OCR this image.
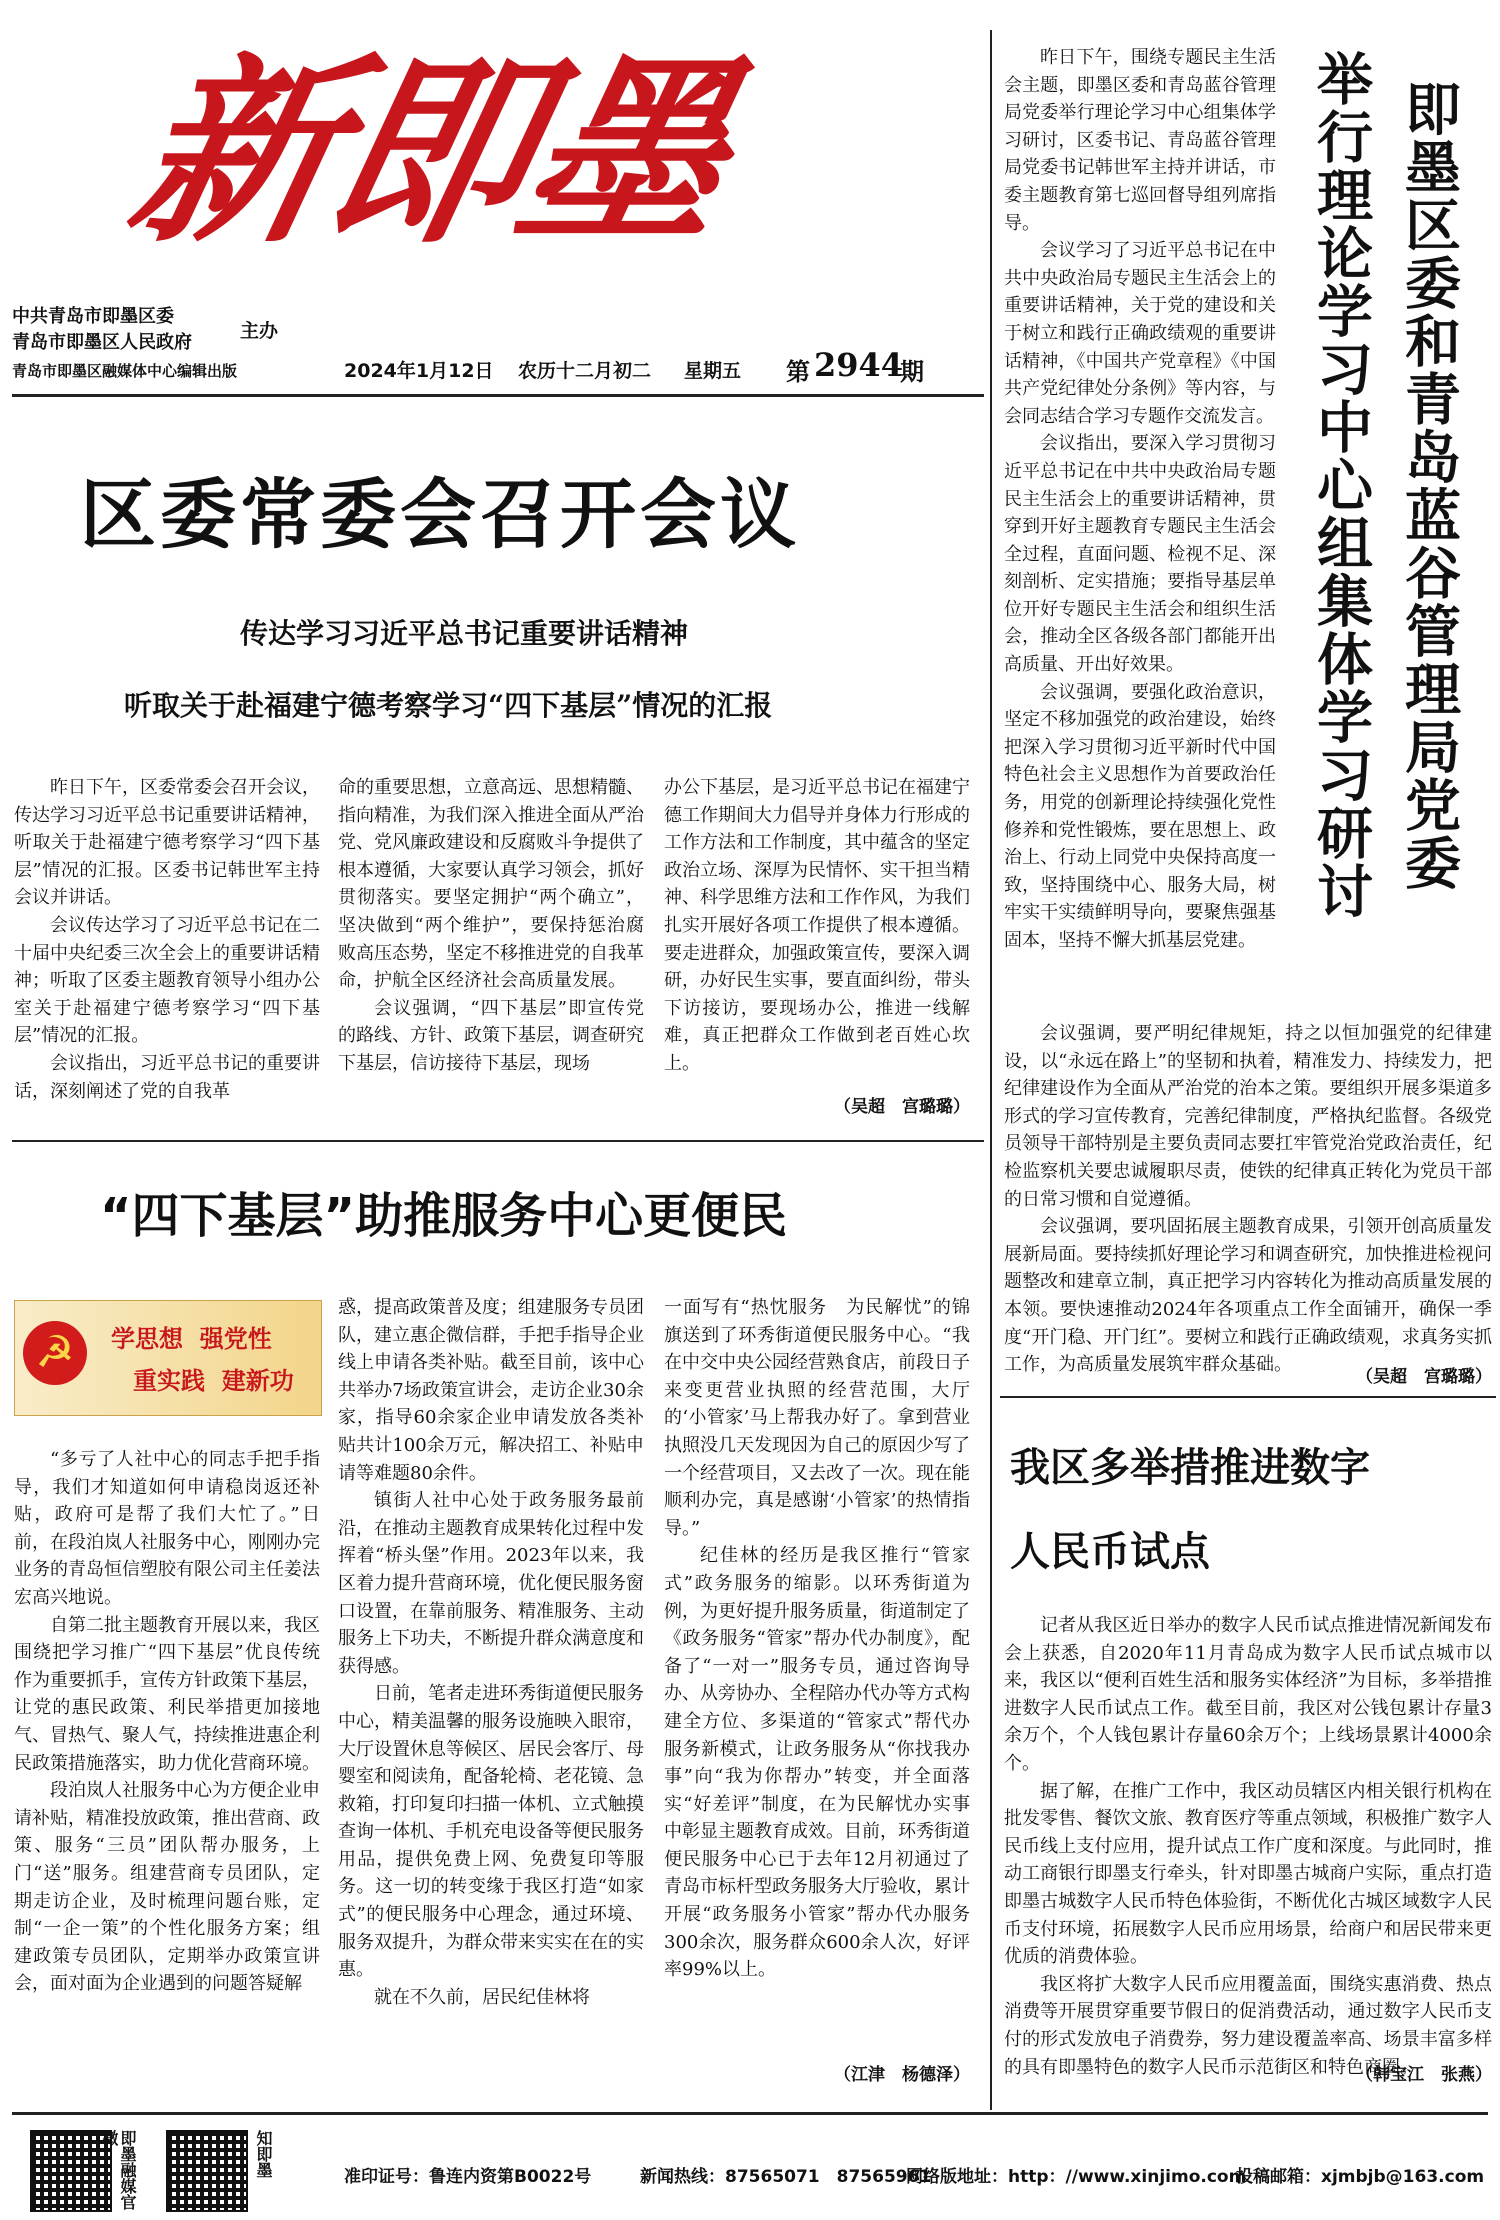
新即墨
中共青岛市即墨区委
青岛市即墨区人民政府
主办
青岛市即墨区融媒体中心编辑出版	2024年1月12日 农历十二月初二 星期五 第 2944
期
区委常委会召开会议
传达学习习近平总书记重要讲话精神
听取关于赴福建宁德考察学习“四下基层”情况的汇报

昨日下午，区委常委会召开会议，传达学习习近平总书记重要讲话精神，听取关于赴福建宁德考察学习“四下基层”情况的汇报。区委书记韩世军主持会议并讲话。

会议传达学习了习近平总书记在二十届中央纪委三次全会上的重要讲话精神；听取了区委主题教育领导小组办公室关于赴福建宁德考察学习“四下基层”情况的汇报。

会议指出，习近平总书记的重要讲话，深刻阐述了党的自我革

命的重要思想，立意高远、思想精髓、指向精准，为我们深入推进全面从严治党、党风廉政建设和反腐败斗争提供了根本遵循，大家要认真学习领会，抓好贯彻落实。要坚定拥护“两个确立”，坚决做到“两个维护”，要保持惩治腐败高压态势，坚定不移推进党的自我革命，护航全区经济社会高质量发展。

会议强调，“四下基层”即宣传党的路线、方针、政策下基层，调查研究下基层，信访接待下基层，现场

办公下基层，是习近平总书记在福建宁德工作期间大力倡导并身体力行形成的工作方法和工作制度，其中蕴含的坚定政治立场、深厚为民情怀、实干担当精神、科学思维方法和工作作风，为我们扎实开展好各项工作提供了根本遵循。要走进群众，加强政策宣传，要深入调研，办好民生实事，要直面纠纷，带头下访接访，要现场办公，推进一线解难，真正把群众工作做到老百姓心坎上。

（吴超　宫璐璐）
“四下基层”助推服务中心更便民
☭	学思想  强党性
重实践  建新功

“多亏了人社中心的同志手把手指导，我们才知道如何申请稳岗返还补贴，政府可是帮了我们大忙了。”日前，在段泊岚人社服务中心，刚刚办完业务的青岛恒信塑胶有限公司主任姜法宏高兴地说。

自第二批主题教育开展以来，我区围绕把学习推广“四下基层”优良传统作为重要抓手，宣传方针政策下基层，让党的惠民政策、利民举措更加接地气、冒热气、聚人气，持续推进惠企利民政策措施落实，助力优化营商环境。

段泊岚人社服务中心为方便企业申请补贴，精准投放政策，推出营商、政策、服务“三员”团队帮办服务，上门“送”服务。组建营商专员团队，定期走访企业，及时梳理问题台账，定制“一企一策”的个性化服务方案；组建政策专员团队，定期举办政策宣讲会，面对面为企业遇到的问题答疑解

惑，提高政策普及度；组建服务专员团队，建立惠企微信群，手把手指导企业线上申请各类补贴。截至目前，该中心共举办7场政策宣讲会，走访企业30余家，指导60余家企业申请发放各类补贴共计100余万元，解决招工、补贴申请等难题80余件。

镇街人社中心处于政务服务最前沿，在推动主题教育成果转化过程中发挥着“桥头堡”作用。2023年以来，我区着力提升营商环境，优化便民服务窗口设置，在靠前服务、精准服务、主动服务上下功夫，不断提升群众满意度和获得感。

日前，笔者走进环秀街道便民服务中心，精美温馨的服务设施映入眼帘，大厅设置休息等候区、居民会客厅、母婴室和阅读角，配备轮椅、老花镜、急救箱，打印复印扫描一体机、立式触摸查询一体机、手机充电设备等便民服务用品，提供免费上网、免费复印等服务。这一切的转变缘于我区打造“如家式”的便民服务中心理念，通过环境、服务双提升，为群众带来实实在在的实惠。

就在不久前，居民纪佳林将

一面写有“热忱服务　为民解忧”的锦旗送到了环秀街道便民服务中心。“我在中交中央公园经营熟食店，前段日子来变更营业执照的经营范围，大厅的‘小管家’马上帮我办好了。拿到营业执照没几天发现因为自己的原因少写了一个经营项目，又去改了一次。现在能顺利办完，真是感谢‘小管家’的热情指导。”

纪佳林的经历是我区推行“管家式”政务服务的缩影。以环秀街道为例，为更好提升服务质量，街道制定了《政务服务“管家”帮办代办制度》，配备了“一对一”服务专员，通过咨询导办、从旁协办、全程陪办代办等方式构建全方位、多渠道的“管家式”帮代办服务新模式，让政务服务从“你找我办事”向“我为你帮办”转变，并全面落实“好差评”制度，在为民解忧办实事中彰显主题教育成效。目前，环秀街道便民服务中心已于去年12月初通过了青岛市标杆型政务服务大厅验收，累计开展“政务服务小管家”帮办代办服务300余次，服务群众600余人次，好评率99%以上。

（江津　杨德泽）
即墨区委和青岛蓝谷管理局党委
举行理论学习中心组集体学习研讨

昨日下午，围绕专题民主生活会主题，即墨区委和青岛蓝谷管理局党委举行理论学习中心组集体学习研讨，区委书记、青岛蓝谷管理局党委书记韩世军主持并讲话，市委主题教育第七巡回督导组列席指导。

会议学习了习近平总书记在中共中央政治局专题民主生活会上的重要讲话精神，关于党的建设和关于树立和践行正确政绩观的重要讲话精神，《中国共产党章程》《中国共产党纪律处分条例》等内容，与会同志结合学习专题作交流发言。

会议指出，要深入学习贯彻习近平总书记在中共中央政治局专题民主生活会上的重要讲话精神，贯穿到开好主题教育专题民主生活会全过程，直面问题、检视不足、深刻剖析、定实措施；要指导基层单位开好专题民主生活会和组织生活会，推动全区各级各部门都能开出高质量、开出好效果。

会议强调，要强化政治意识，坚定不移加强党的政治建设，始终把深入学习贯彻习近平新时代中国特色社会主义思想作为首要政治任务，用党的创新理论持续强化党性修养和党性锻炼，要在思想上、政治上、行动上同党中央保持高度一致，坚持围绕中心、服务大局，树牢实干实绩鲜明导向，要聚焦强基固本，坚持不懈大抓基层党建。

会议强调，要严明纪律规矩，持之以恒加强党的纪律建设，以“永远在路上”的坚韧和执着，精准发力、持续发力，把纪律建设作为全面从严治党的治本之策。要组织开展多渠道多形式的学习宣传教育，完善纪律制度，严格执纪监督。各级党员领导干部特别是主要负责同志要扛牢管党治党政治责任，纪检监察机关要忠诚履职尽责，使铁的纪律真正转化为党员干部的日常习惯和自觉遵循。

会议强调，要巩固拓展主题教育成果，引领开创高质量发展新局面。要持续抓好理论学习和调查研究，加快推进检视问题整改和建章立制，真正把学习内容转化为推动高质量发展的本领。要快速推动2024年各项重点工作全面铺开，确保一季度“开门稳、开门红”。要树立和践行正确政绩观，求真务实抓工作，为高质量发展筑牢群众基础。

（吴超　宫璐璐）
我区多举措推进数字
人民币试点

记者从我区近日举办的数字人民币试点推进情况新闻发布会上获悉，自2020年11月青岛成为数字人民币试点城市以来，我区以“便利百姓生活和服务实体经济”为目标，多举措推进数字人民币试点工作。截至目前，我区对公钱包累计存量3余万个，个人钱包累计存量60余万个；上线场景累计4000余个。

据了解，在推广工作中，我区动员辖区内相关银行机构在批发零售、餐饮文旅、教育医疗等重点领域，积极推广数字人民币线上支付应用，提升试点工作广度和深度。与此同时，推动工商银行即墨支行牵头，针对即墨古城商户实际，重点打造即墨古城数字人民币特色体验街，不断优化古城区域数字人民币支付环境，拓展数字人民币应用场景，给商户和居民带来更优质的消费体验。

我区将扩大数字人民币应用覆盖面，围绕实惠消费、热点消费等开展贯穿重要节假日的促消费活动，通过数字人民币支付的形式发放电子消费券，努力建设覆盖率高、场景丰富多样的具有即墨特色的数字人民币示范街区和特色商圈。

（韩宝江　张燕）
即墨融媒官微	知即墨	准印证号：鲁连内资第B0022号	新闻热线：87565071　87565961
网络版地址：http：//www.xinjimo.com
投稿邮箱：xjmbjb@163.com
